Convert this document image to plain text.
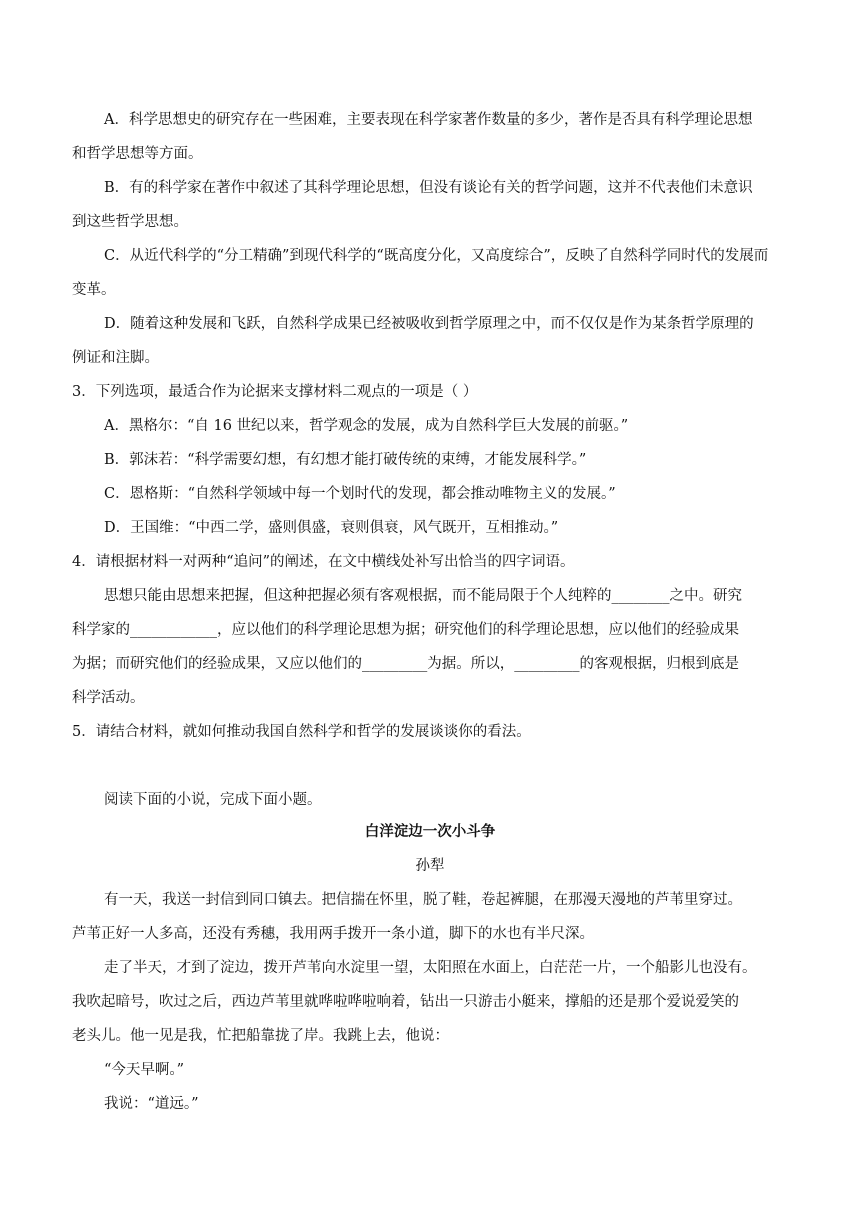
A．科学思想史的研究存在一些困难，主要表现在科学家著作数量的多少，著作是否具有科学理论思想
和哲学思想等方面。
B．有的科学家在著作中叙述了其科学理论思想，但没有谈论有关的哲学问题，这并不代表他们未意识
到这些哲学思想。
C．从近代科学的“分工精确”到现代科学的“既高度分化，又高度综合”，反映了自然科学同时代的发展而
变革。
D．随着这种发展和飞跃，自然科学成果已经被吸收到哲学原理之中，而不仅仅是作为某条哲学原理的
例证和注脚。
3．下列选项，最适合作为论据来支撑材料二观点的一项是（ ）
A．黑格尔：“自 16 世纪以来，哲学观念的发展，成为自然科学巨大发展的前驱。”
B．郭沫若：“科学需要幻想，有幻想才能打破传统的束缚，才能发展科学。”
C．恩格斯：“自然科学领域中每一个划时代的发现，都会推动唯物主义的发展。”
D．王国维：“中西二学，盛则俱盛，衰则俱衰，风气既开，互相推动。”
4．请根据材料一对两种“追问”的阐述，在文中横线处补写出恰当的四字词语。
思想只能由思想来把握，但这种把握必须有客观根据，而不能局限于个人纯粹的________之中。研究
科学家的____________，应以他们的科学理论思想为据；研究他们的科学理论思想，应以他们的经验成果
为据；而研究他们的经验成果，又应以他们的_________为据。所以，_________的客观根据，归根到底是
科学活动。
5．请结合材料，就如何推动我国自然科学和哲学的发展谈谈你的看法。
阅读下面的小说，完成下面小题。
白洋淀边一次小斗争
孙犁
有一天，我送一封信到同口镇去。把信揣在怀里，脱了鞋，卷起裤腿，在那漫天漫地的芦苇里穿过。
芦苇正好一人多高，还没有秀穗，我用两手拨开一条小道，脚下的水也有半尺深。
走了半天，才到了淀边，拨开芦苇向水淀里一望，太阳照在水面上，白茫茫一片，一个船影儿也没有。
我吹起暗号，吹过之后，西边芦苇里就哗啦哗啦响着，钻出一只游击小艇来，撑船的还是那个爱说爱笑的
老头儿。他一见是我，忙把船靠拢了岸。我跳上去，他说：
“今天早啊。”
我说：“道远。”
